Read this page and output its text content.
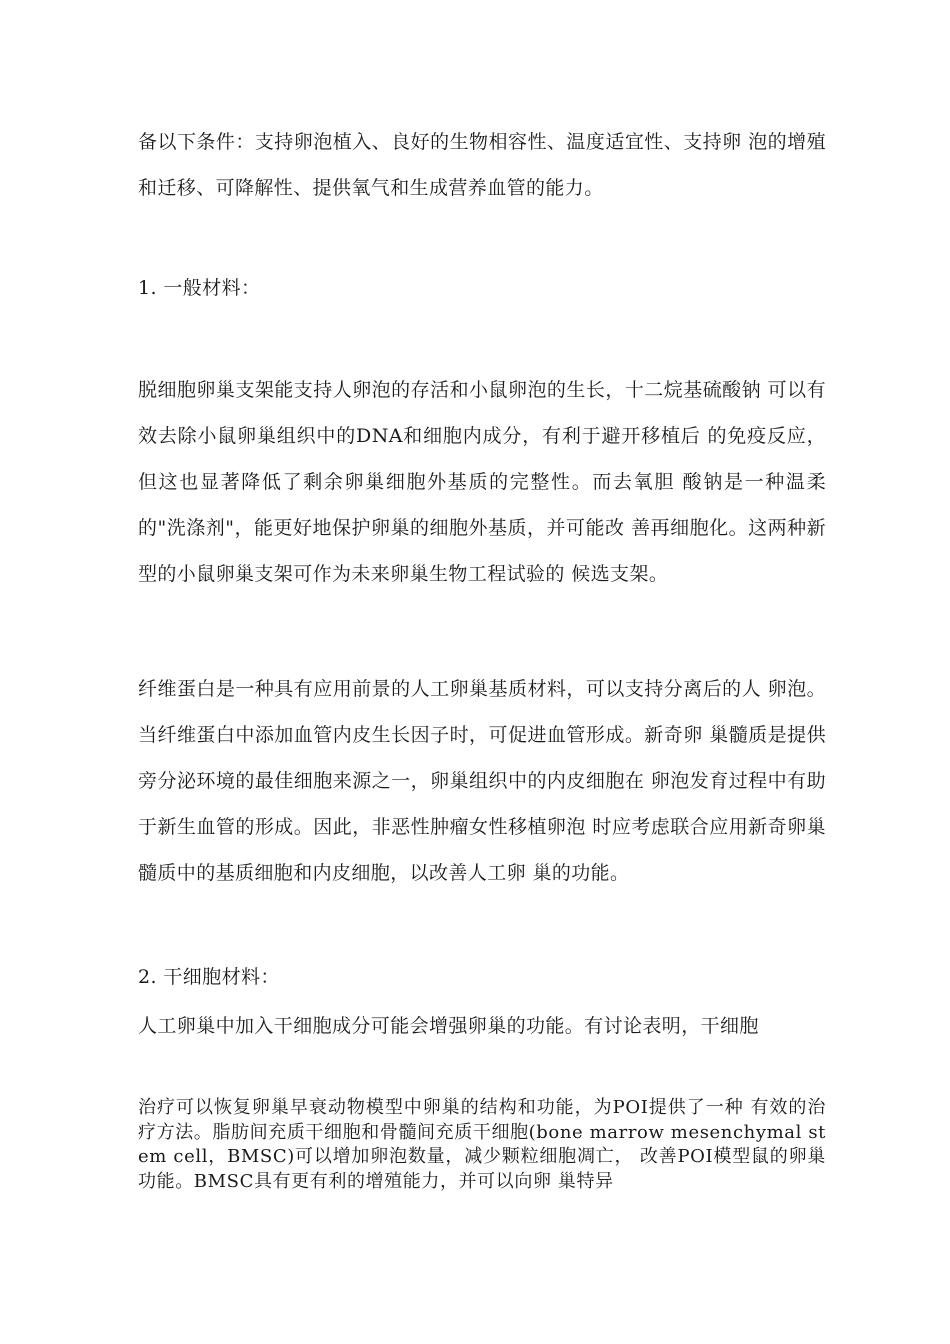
备以下条件：支持卵泡植入、良好的生物相容性、温度适宜性、支持卵 泡的增殖和迁移、可降解性、提供氧气和生成营养血管的能力。

1. 一般材料：

脱细胞卵巢支架能支持人卵泡的存活和小鼠卵泡的生长，十二烷基硫酸钠 可以有效去除小鼠卵巢组织中的DNA和细胞内成分，有利于避开移植后 的免疫反应，但这也显著降低了剩余卵巢细胞外基质的完整性。而去氧胆 酸钠是一种温柔的"洗涤剂"，能更好地保护卵巢的细胞外基质，并可能改 善再细胞化。这两种新型的小鼠卵巢支架可作为未来卵巢生物工程试验的 候选支架。

纤维蛋白是一种具有应用前景的人工卵巢基质材料，可以支持分离后的人 卵泡。当纤维蛋白中添加血管内皮生长因子时，可促进血管形成。新奇卵 巢髓质是提供旁分泌环境的最佳细胞来源之一，卵巢组织中的内皮细胞在 卵泡发育过程中有助于新生血管的形成。因此，非恶性肿瘤女性移植卵泡 时应考虑联合应用新奇卵巢髓质中的基质细胞和内皮细胞，以改善人工卵 巢的功能。

2. 干细胞材料：

人工卵巢中加入干细胞成分可能会增强卵巢的功能。有讨论表明，干细胞

治疗可以恢复卵巢早衰动物模型中卵巢的结构和功能，为POI提供了一种 有效的治疗方法。脂肪间充质干细胞和骨髓间充质干细胞(bone marrow mesenchymal stem cell，BMSC)可以增加卵泡数量，减少颗粒细胞凋亡， 改善POI模型鼠的卵巢功能。BMSC具有更有利的增殖能力，并可以向卵 巢特异
